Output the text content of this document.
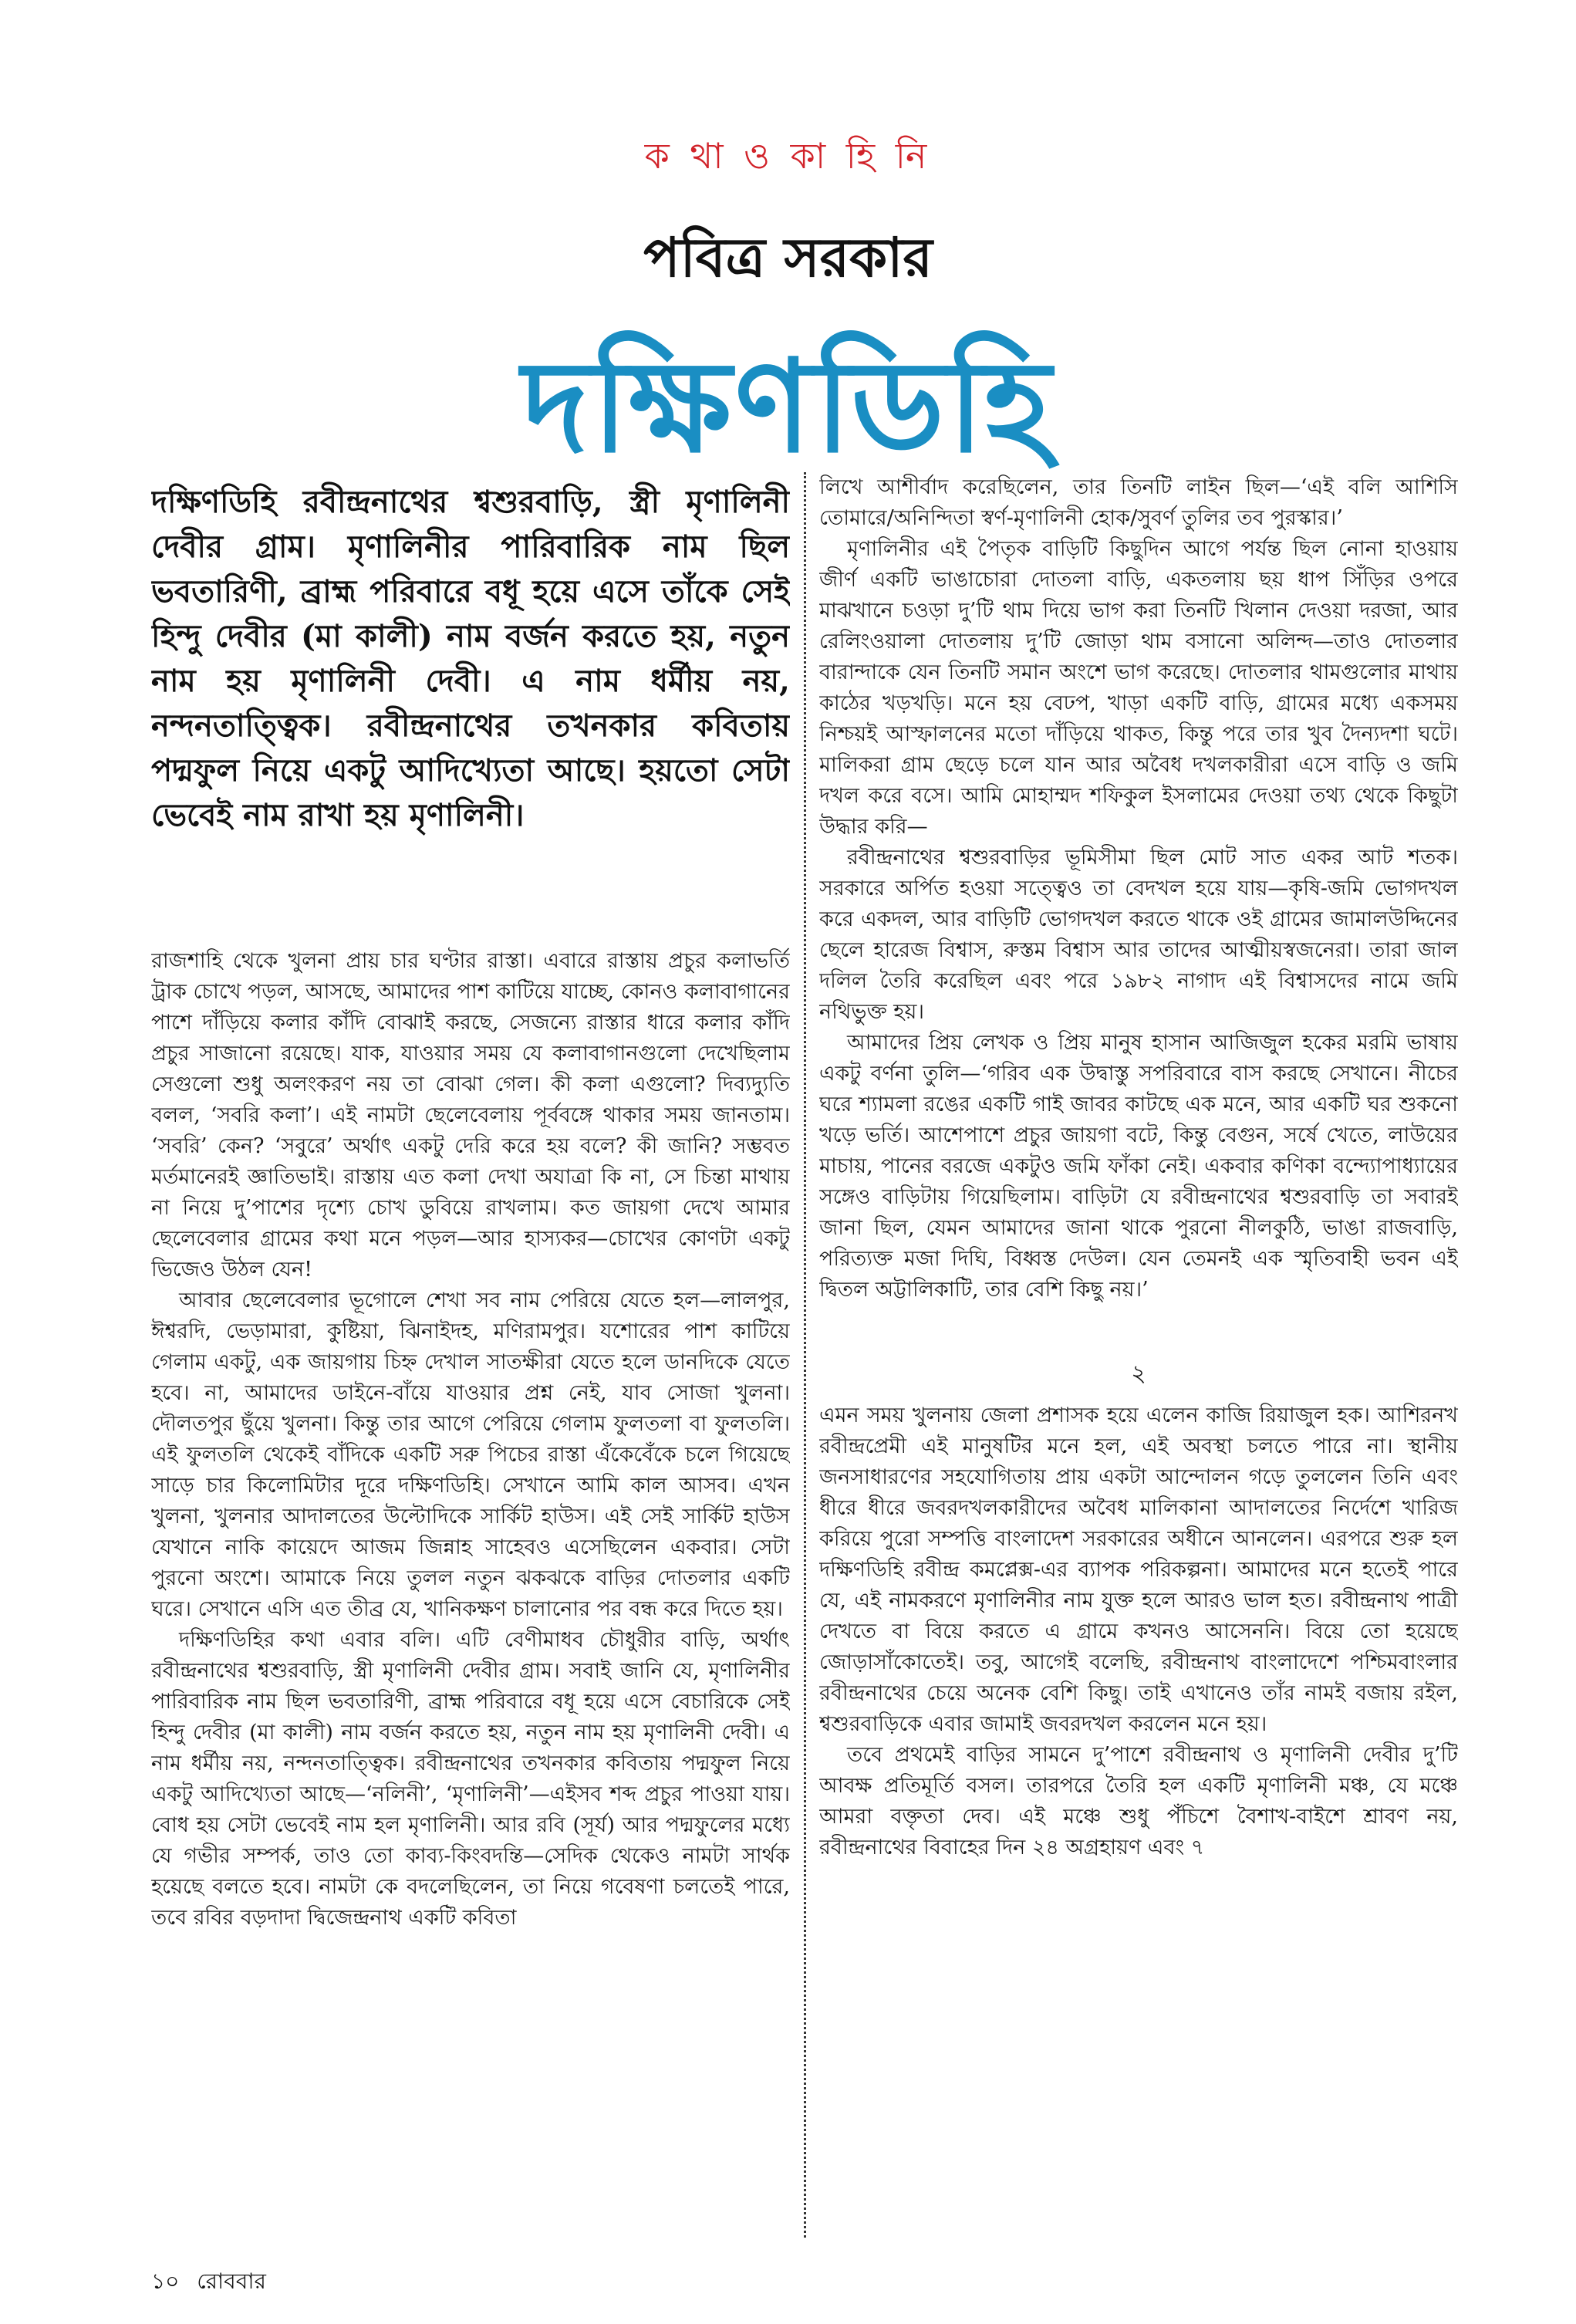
ক থা ও কা হি নি
পবিত্র সরকার
দক্ষিণডিহি

দক্ষিণডিহি রবীন্দ্রনাথের শ্বশুরবাড়ি, স্ত্রী মৃণালিনী দেবীর গ্রাম। মৃণালিনীর পারিবারিক নাম ছিল ভবতারিণী, ব্রাহ্ম পরিবারে বধূ হয়ে এসে তাঁকে সেই হিন্দু দেবীর (মা কালী) নাম বর্জন করতে হয়, নতুন নাম হয় মৃণালিনী দেবী। এ নাম ধর্মীয় নয়, নন্দনতাত্ত্বিক। রবীন্দ্রনাথের তখনকার কবিতায় পদ্মফুল নিয়ে একটু আদিখ্যেতা আছে। হয়তো সেটা ভেবেই নাম রাখা হয় মৃণালিনী।

রাজশাহি থেকে খুলনা প্রায় চার ঘণ্টার রাস্তা। এবারে রাস্তায় প্রচুর কলাভর্তি ট্রাক চোখে পড়ল, আসছে, আমাদের পাশ কাটিয়ে যাচ্ছে, কোনও কলাবাগানের পাশে দাঁড়িয়ে কলার কাঁদি বোঝাই করছে, সেজন্যে রাস্তার ধারে কলার কাঁদি প্রচুর সাজানো রয়েছে। যাক, যাওয়ার সময় যে কলাবাগানগুলো দেখেছিলাম সেগুলো শুধু অলংকরণ নয় তা বোঝা গেল। কী কলা এগুলো? দিব্যদ্যুতি বলল, ‘সবরি কলা’। এই নামটা ছেলেবেলায় পূর্ববঙ্গে থাকার সময় জানতাম। ‘সবরি’ কেন? ‘সবুরে’ অর্থাৎ একটু দেরি করে হয় বলে? কী জানি? সম্ভবত মর্তমানেরই জ্ঞাতিভাই। রাস্তায় এত কলা দেখা অযাত্রা কি না, সে চিন্তা মাথায় না নিয়ে দু’পাশের দৃশ্যে চোখ ডুবিয়ে রাখলাম। কত জায়গা দেখে আমার ছেলেবেলার গ্রামের কথা মনে পড়ল—আর হাস্যকর—চোখের কোণটা একটু ভিজেও উঠল যেন!

আবার ছেলেবেলার ভূগোলে শেখা সব নাম পেরিয়ে যেতে হল—লালপুর, ঈশ্বরদি, ভেড়ামারা, কুষ্টিয়া, ঝিনাইদহ, মণিরামপুর। যশোরের পাশ কাটিয়ে গেলাম একটু, এক জায়গায় চিহ্ন দেখাল সাতক্ষীরা যেতে হলে ডানদিকে যেতে হবে। না, আমাদের ডাইনে-বাঁয়ে যাওয়ার প্রশ্ন নেই, যাব সোজা খুলনা। দৌলতপুর ছুঁয়ে খুলনা। কিন্তু তার আগে পেরিয়ে গেলাম ফুলতলা বা ফুলতলি। এই ফুলতলি থেকেই বাঁদিকে একটি সরু পিচের রাস্তা এঁকেবেঁকে চলে গিয়েছে সাড়ে চার কিলোমিটার দূরে দক্ষিণডিহি। সেখানে আমি কাল আসব। এখন খুলনা, খুলনার আদালতের উল্টোদিকে সার্কিট হাউস। এই সেই সার্কিট হাউস যেখানে নাকি কায়েদে আজম জিন্নাহ সাহেবও এসেছিলেন একবার। সেটা পুরনো অংশে। আমাকে নিয়ে তুলল নতুন ঝকঝকে বাড়ির দোতলার একটি ঘরে। সেখানে এসি এত তীব্র যে, খানিকক্ষণ চালানোর পর বন্ধ করে দিতে হয়।

দক্ষিণডিহির কথা এবার বলি। এটি বেণীমাধব চৌধুরীর বাড়ি, অর্থাৎ রবীন্দ্রনাথের শ্বশুরবাড়ি, স্ত্রী মৃণালিনী দেবীর গ্রাম। সবাই জানি যে, মৃণালিনীর পারিবারিক নাম ছিল ভবতারিণী, ব্রাহ্ম পরিবারে বধূ হয়ে এসে বেচারিকে সেই হিন্দু দেবীর (মা কালী) নাম বর্জন করতে হয়, নতুন নাম হয় মৃণালিনী দেবী। এ নাম ধর্মীয় নয়, নন্দনতাত্ত্বিক। রবীন্দ্রনাথের তখনকার কবিতায় পদ্মফুল নিয়ে একটু আদিখ্যেতা আছে—‘নলিনী’, ‘মৃণালিনী’—এইসব শব্দ প্রচুর পাওয়া যায়। বোধ হয় সেটা ভেবেই নাম হল মৃণালিনী। আর রবি (সূর্য) আর পদ্মফুলের মধ্যে যে গভীর সম্পর্ক, তাও তো কাব্য-কিংবদন্তি—সেদিক থেকেও নামটা সার্থক হয়েছে বলতে হবে। নামটা কে বদলেছিলেন, তা নিয়ে গবেষণা চলতেই পারে, তবে রবির বড়দাদা দ্বিজেন্দ্রনাথ একটি কবিতা

লিখে আশীর্বাদ করেছিলেন, তার তিনটি লাইন ছিল—‘এই বলি আশিসি তোমারে/অনিন্দিতা স্বর্ণ-মৃণালিনী হোক/সুবর্ণ তুলির তব পুরস্কার।’

মৃণালিনীর এই পৈতৃক বাড়িটি কিছুদিন আগে পর্যন্ত ছিল নোনা হাওয়ায় জীর্ণ একটি ভাঙাচোরা দোতলা বাড়ি, একতলায় ছয় ধাপ সিঁড়ির ওপরে মাঝখানে চওড়া দু’টি থাম দিয়ে ভাগ করা তিনটি খিলান দেওয়া দরজা, আর রেলিংওয়ালা দোতলায় দু’টি জোড়া থাম বসানো অলিন্দ—তাও দোতলার বারান্দাকে যেন তিনটি সমান অংশে ভাগ করেছে। দোতলার থামগুলোর মাথায় কাঠের খড়খড়ি। মনে হয় বেঢপ, খাড়া একটি বাড়ি, গ্রামের মধ্যে একসময় নিশ্চয়ই আস্ফালনের মতো দাঁড়িয়ে থাকত, কিন্তু পরে তার খুব দৈন্যদশা ঘটে। মালিকরা গ্রাম ছেড়ে চলে যান আর অবৈধ দখলকারীরা এসে বাড়ি ও জমি দখল করে বসে। আমি মোহাম্মদ শফিকুল ইসলামের দেওয়া তথ্য থেকে কিছুটা উদ্ধার করি—

রবীন্দ্রনাথের শ্বশুরবাড়ির ভূমিসীমা ছিল মোট সাত একর আট শতক। সরকারে অর্পিত হওয়া সত্ত্বেও তা বেদখল হয়ে যায়—কৃষি-জমি ভোগদখল করে একদল, আর বাড়িটি ভোগদখল করতে থাকে ওই গ্রামের জামালউদ্দিনের ছেলে হারেজ বিশ্বাস, রুস্তম বিশ্বাস আর তাদের আত্মীয়স্বজনেরা। তারা জাল দলিল তৈরি করেছিল এবং পরে ১৯৮২ নাগাদ এই বিশ্বাসদের নামে জমি নথিভুক্ত হয়।

আমাদের প্রিয় লেখক ও প্রিয় মানুষ হাসান আজিজুল হকের মরমি ভাষায় একটু বর্ণনা তুলি—‘গরিব এক উদ্বাস্তু সপরিবারে বাস করছে সেখানে। নীচের ঘরে শ্যামলা রঙের একটি গাই জাবর কাটছে এক মনে, আর একটি ঘর শুকনো খড়ে ভর্তি। আশেপাশে প্রচুর জায়গা বটে, কিন্তু বেগুন, সর্ষে খেতে, লাউয়ের মাচায়, পানের বরজে একটুও জমি ফাঁকা নেই। একবার কণিকা বন্দ্যোপাধ্যায়ের সঙ্গেও বাড়িটায় গিয়েছিলাম। বাড়িটা যে রবীন্দ্রনাথের শ্বশুরবাড়ি তা সবারই জানা ছিল, যেমন আমাদের জানা থাকে পুরনো নীলকুঠি, ভাঙা রাজবাড়ি, পরিত্যক্ত মজা দিঘি, বিধ্বস্ত দেউল। যেন তেমনই এক স্মৃতিবাহী ভবন এই দ্বিতল অট্টালিকাটি, তার বেশি কিছু নয়।’

২

এমন সময় খুলনায় জেলা প্রশাসক হয়ে এলেন কাজি রিয়াজুল হক। আশিরনখ রবীন্দ্রপ্রেমী এই মানুষটির মনে হল, এই অবস্থা চলতে পারে না। স্থানীয় জনসাধারণের সহযোগিতায় প্রায় একটা আন্দোলন গড়ে তুললেন তিনি এবং ধীরে ধীরে জবরদখলকারীদের অবৈধ মালিকানা আদালতের নির্দেশে খারিজ করিয়ে পুরো সম্পত্তি বাংলাদেশ সরকারের অধীনে আনলেন। এরপরে শুরু হল দক্ষিণডিহি রবীন্দ্র কমপ্লেক্স-এর ব্যাপক পরিকল্পনা। আমাদের মনে হতেই পারে যে, এই নামকরণে মৃণালিনীর নাম যুক্ত হলে আরও ভাল হত। রবীন্দ্রনাথ পাত্রী দেখতে বা বিয়ে করতে এ গ্রামে কখনও আসেননি। বিয়ে তো হয়েছে জোড়াসাঁকোতেই। তবু, আগেই বলেছি, রবীন্দ্রনাথ বাংলাদেশে পশ্চিমবাংলার রবীন্দ্রনাথের চেয়ে অনেক বেশি কিছু। তাই এখানেও তাঁর নামই বজায় রইল, শ্বশুরবাড়িকে এবার জামাই জবরদখল করলেন মনে হয়।

তবে প্রথমেই বাড়ির সামনে দু’পাশে রবীন্দ্রনাথ ও মৃণালিনী দেবীর দু’টি আবক্ষ প্রতিমূর্তি বসল। তারপরে তৈরি হল একটি মৃণালিনী মঞ্চ, যে মঞ্চে আমরা বক্তৃতা দেব। এই মঞ্চে শুধু পঁচিশে বৈশাখ-বাইশে শ্রাবণ নয়, রবীন্দ্রনাথের বিবাহের দিন ২৪ অগ্রহায়ণ এবং ৭

১০ রোববার
